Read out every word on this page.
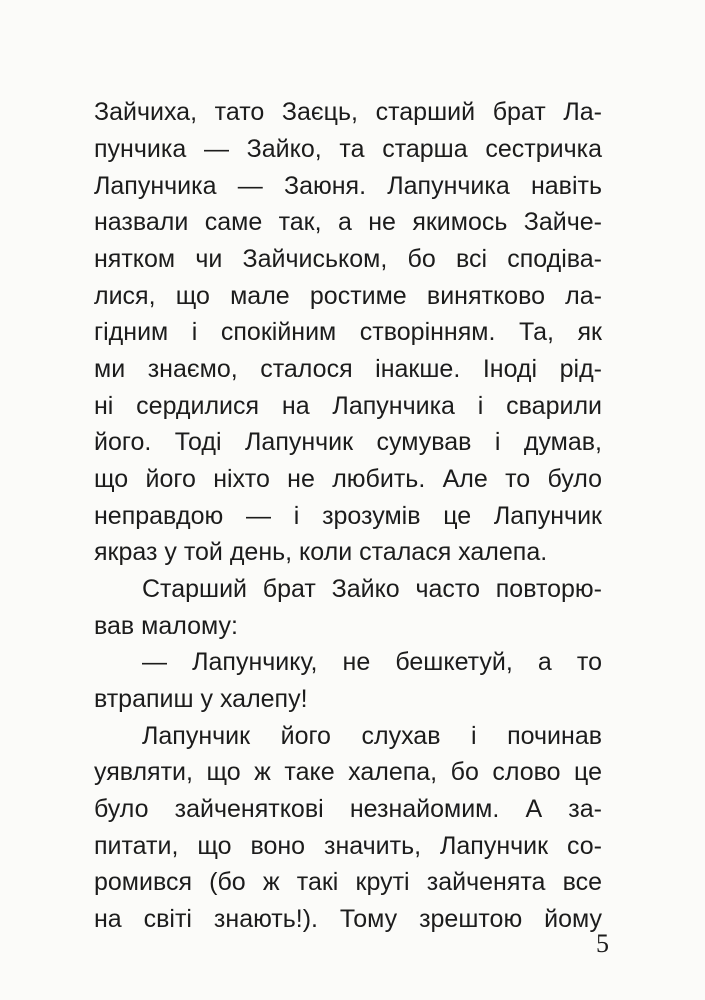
Зайчиха, тато Заєць, старший брат Ла-

пунчика — Зайко, та старша сестричка

Лапунчика — Заюня. Лапунчика навіть

назвали саме так, а не якимось Зайче-

нятком чи Зайчиськом, бо всі сподіва-

лися, що мале ростиме винятково ла-

гідним і спокійним створінням. Та, як

ми знаємо, сталося інакше. Іноді рід-

ні сердилися на Лапунчика і сварили

його. Тоді Лапунчик сумував і думав,

що його ніхто не любить. Але то було

неправдою — і зрозумів це Лапунчик

якраз у той день, коли сталася халепа.

Старший брат Зайко часто повторю-

вав малому:

— Лапунчику, не бешкетуй, а то

втрапиш у халепу!

Лапунчик його слухав і починав

уявляти, що ж таке халепа, бо слово це

було зайченяткові незнайомим. А за-

питати, що воно значить, Лапунчик со-

ромився (бо ж такі круті зайченята все

на світі знають!). Тому зрештою йому

5
